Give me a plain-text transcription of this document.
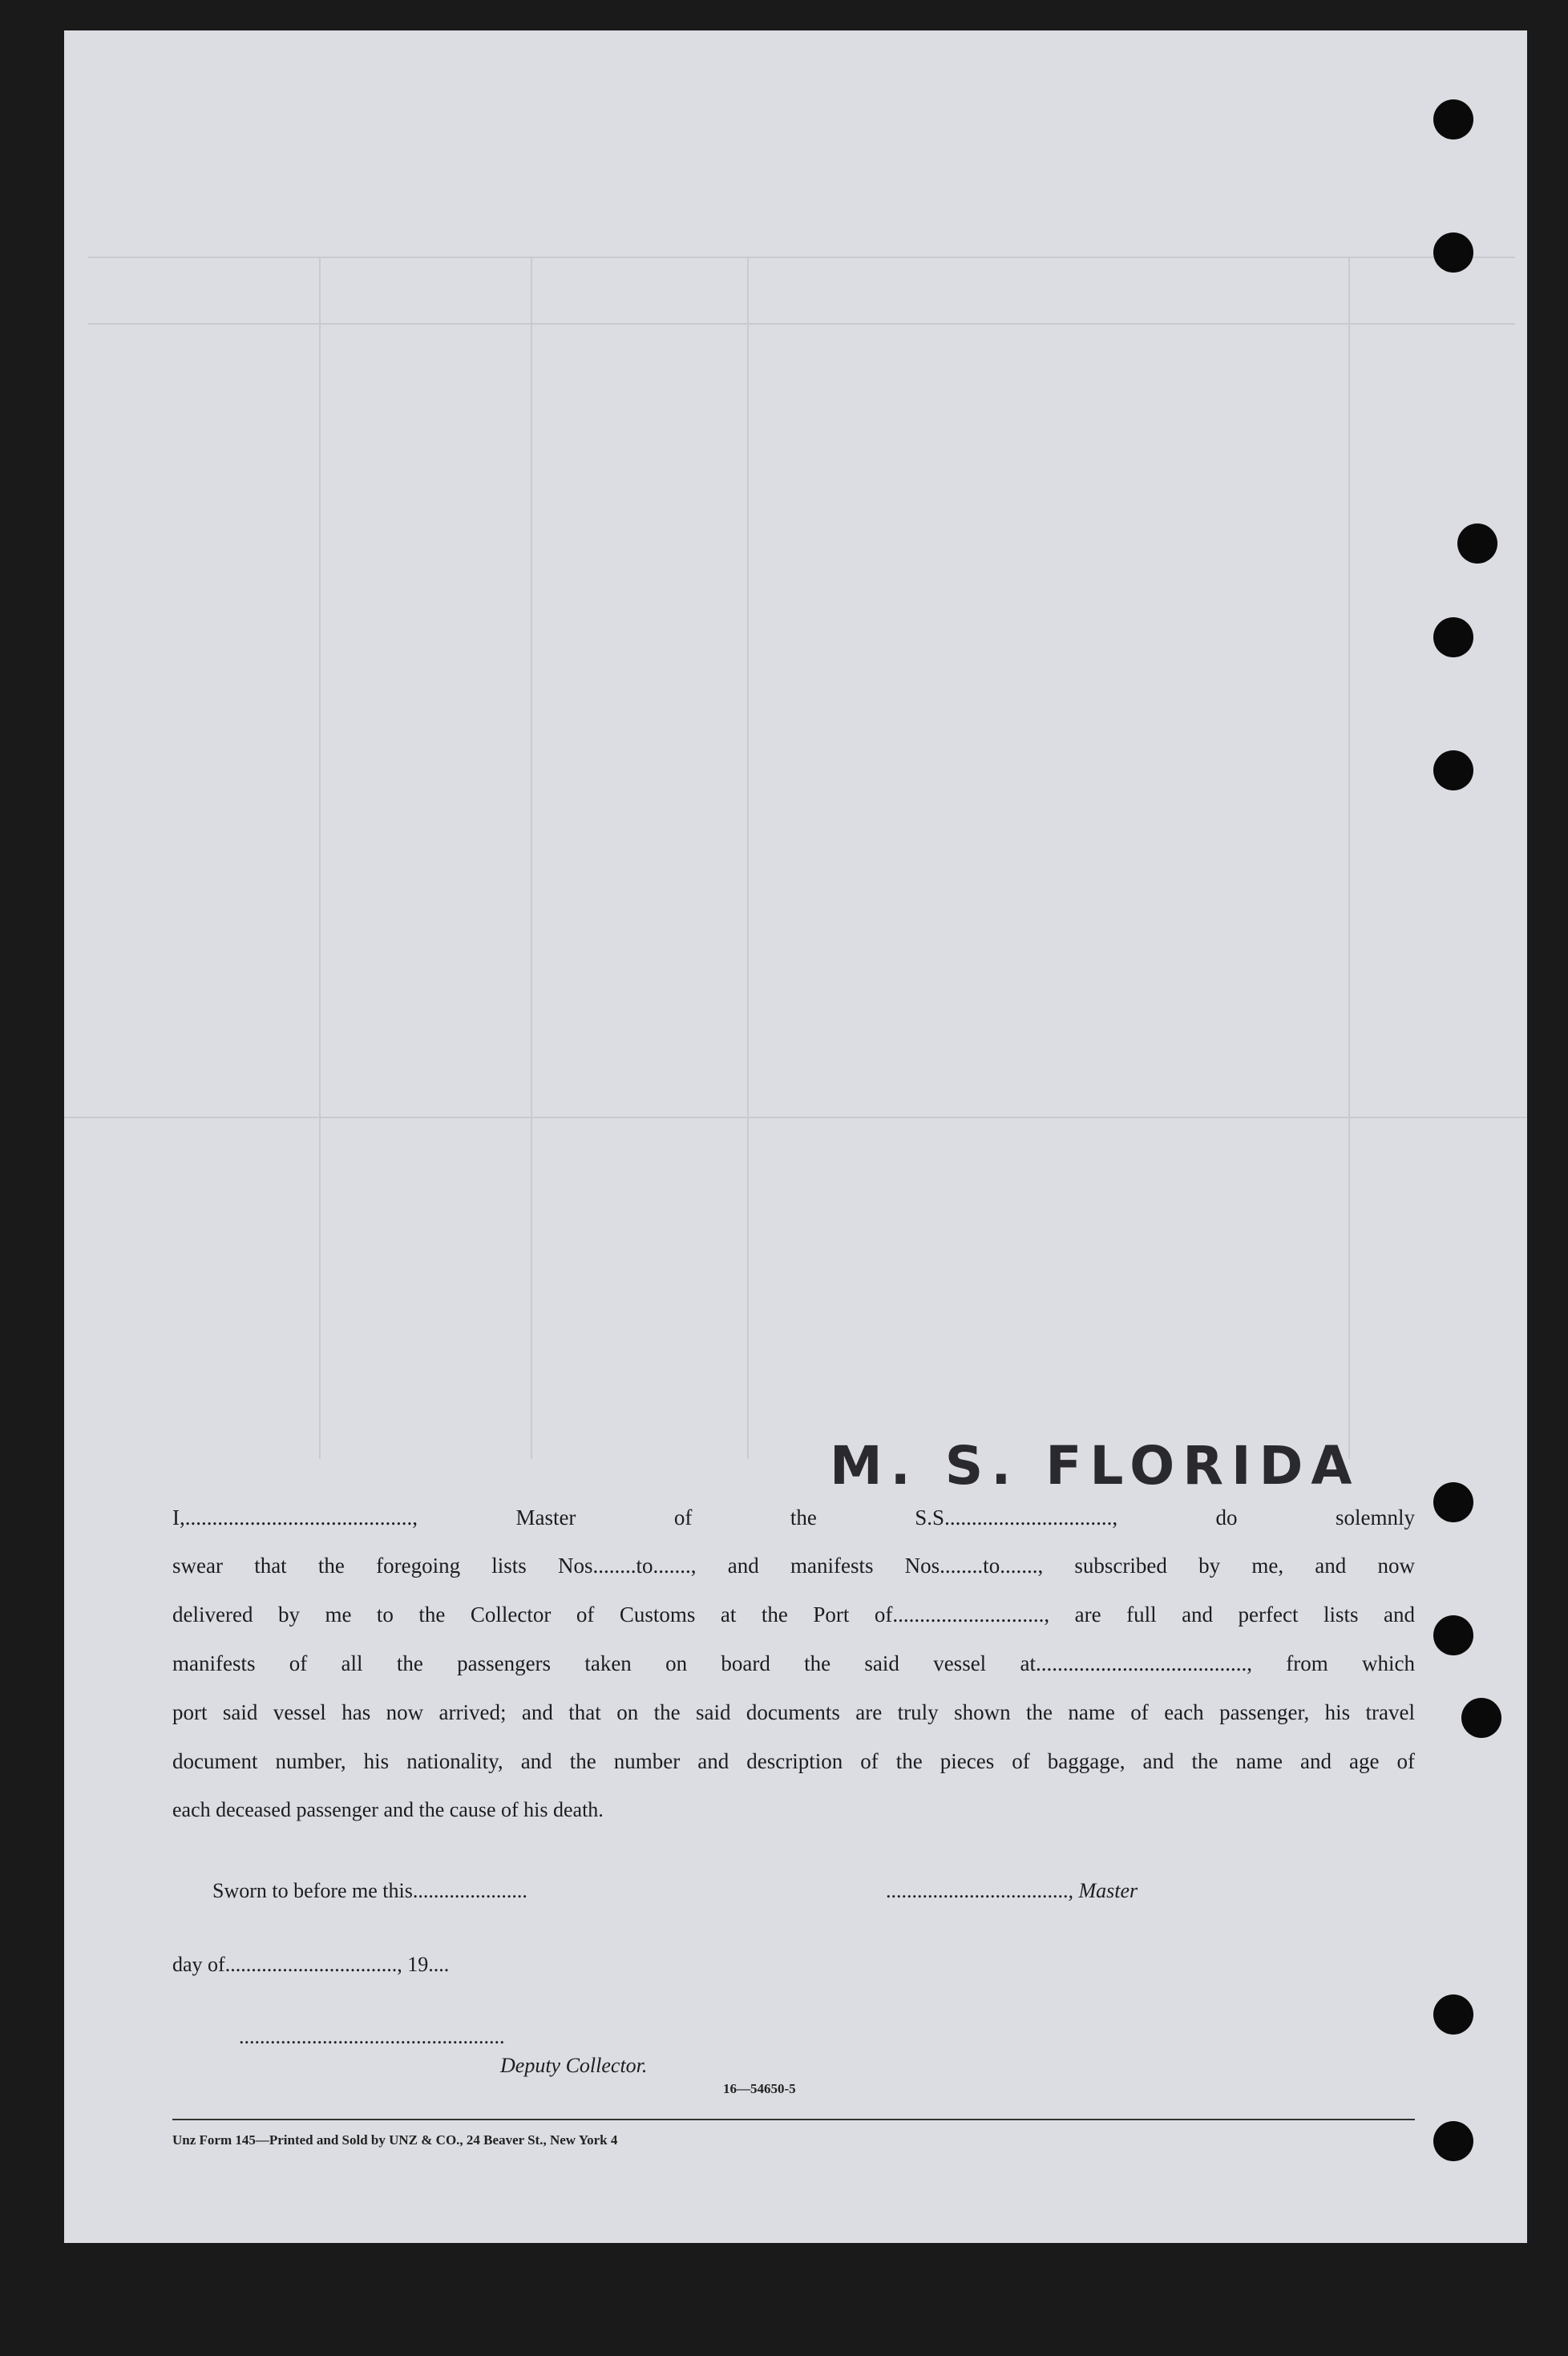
M. S. FLORIDA
I,.........................................., Master of the S.S..............................., do solemnly
swear that the foregoing lists Nos........to......., and manifests Nos........to......., subscribed by me, and now
delivered by me to the Collector of Customs at the Port of............................, are full and perfect lists and
manifests of all the passengers taken on board the said vessel at......................................., from which
port said vessel has now arrived; and that on the said documents are truly shown the name of each passenger, his travel
document number, his nationality, and the number and description of the pieces of baggage, and the name and age of
each deceased passenger and the cause of his death.
Sworn to before me this......................	..................................., Master
day of................................., 19....
...................................................
Deputy Collector.
16—54650-5
Unz Form 145—Printed and Sold by UNZ & CO., 24 Beaver St., New York 4
